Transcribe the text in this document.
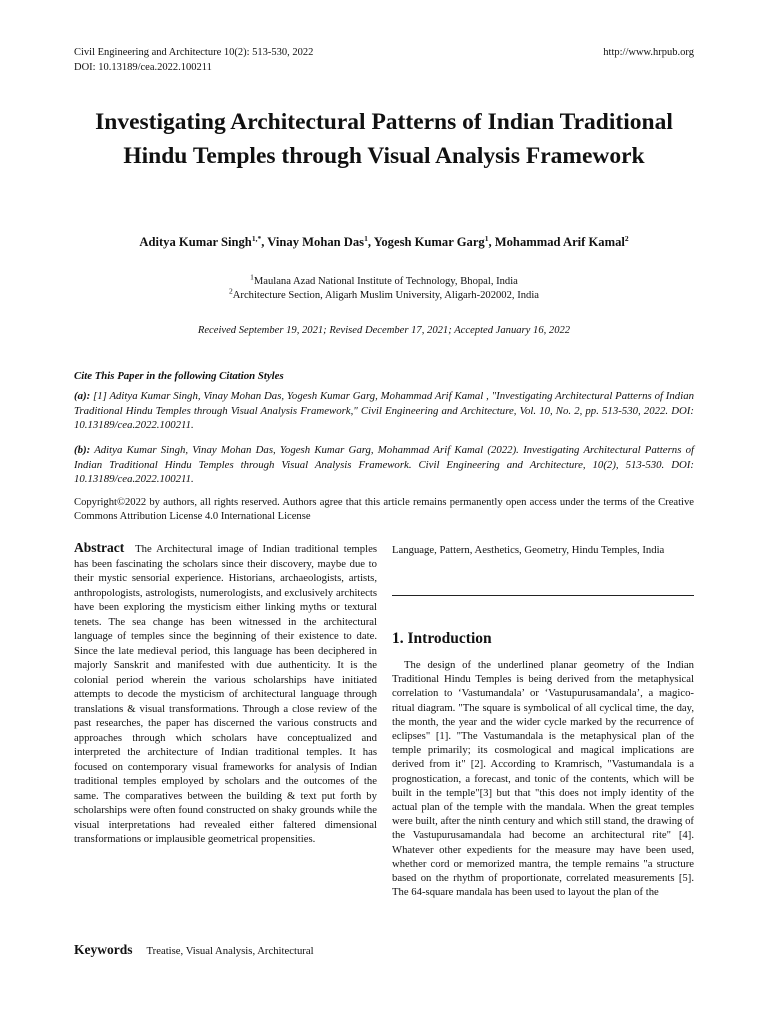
Civil Engineering and Architecture 10(2): 513-530, 2022
DOI: 10.13189/cea.2022.100211
http://www.hrpub.org
Investigating Architectural Patterns of Indian Traditional Hindu Temples through Visual Analysis Framework
Aditya Kumar Singh$^{1,*}$, Vinay Mohan Das$^1$, Yogesh Kumar Garg$^1$, Mohammad Arif Kamal$^2$
$^1$Maulana Azad National Institute of Technology, Bhopal, India
$^2$Architecture Section, Aligarh Muslim University, Aligarh-202002, India
Received September 19, 2021; Revised December 17, 2021; Accepted January 16, 2022
Cite This Paper in the following Citation Styles
(a): [1] Aditya Kumar Singh, Vinay Mohan Das, Yogesh Kumar Garg, Mohammad Arif Kamal , "Investigating Architectural Patterns of Indian Traditional Hindu Temples through Visual Analysis Framework," Civil Engineering and Architecture, Vol. 10, No. 2, pp. 513-530, 2022. DOI: 10.13189/cea.2022.100211.
(b): Aditya Kumar Singh, Vinay Mohan Das, Yogesh Kumar Garg, Mohammad Arif Kamal (2022). Investigating Architectural Patterns of Indian Traditional Hindu Temples through Visual Analysis Framework. Civil Engineering and Architecture, 10(2), 513-530. DOI: 10.13189/cea.2022.100211.
Copyright©2022 by authors, all rights reserved. Authors agree that this article remains permanently open access under the terms of the Creative Commons Attribution License 4.0 International License
Abstract The Architectural image of Indian traditional temples has been fascinating the scholars since their discovery, maybe due to their mystic sensorial experience. Historians, archaeologists, artists, anthropologists, astrologists, numerologists, and exclusively architects have been exploring the mysticism either linking myths or textural tenets. The sea change has been witnessed in the architectural language of temples since the beginning of their existence to date. Since the late medieval period, this language has been deciphered in majorly Sanskrit and manifested with due authenticity. It is the colonial period wherein the various scholarships have initiated attempts to decode the mysticism of architectural language through translations & visual transformations. Through a close review of the past researches, the paper has discerned the various constructs and approaches through which scholars have conceptualized and interpreted the architecture of Indian traditional temples. It has focused on contemporary visual frameworks for analysis of Indian traditional temples employed by scholars and the outcomes of the same. The comparatives between the building & text put forth by scholarships were often found constructed on shaky grounds while the visual interpretations had revealed either faltered dimensional transformations or implausible geometrical propensities.
Keywords Treatise, Visual Analysis, Architectural

Language, Pattern, Aesthetics, Geometry, Hindu Temples, India

1. Introduction

The design of the underlined planar geometry of the Indian Traditional Hindu Temples is being derived from the metaphysical correlation to ‘Vastumandala’ or ‘Vastupurusamandala’, a magico-ritual diagram. "The square is symbolical of all cyclical time, the day, the month, the year and the wider cycle marked by the recurrence of eclipses" [1]. "The Vastumandala is the metaphysical plan of the temple primarily; its cosmological and magical implications are derived from it" [2]. According to Kramrisch, "Vastumandala is a prognostication, a forecast, and tonic of the contents, which will be built in the temple"[3] but that "this does not imply identity of the actual plan of the temple with the mandala. When the great temples were built, after the ninth century and which still stand, the drawing of the Vastupurusamandala had become an architectural rite" [4]. Whatever other expedients for the measure may have been used, whether cord or memorized mantra, the temple remains "a structure based on the rhythm of proportionate, correlated measurements [5]. The 64-square mandala has been used to layout the plan of the
